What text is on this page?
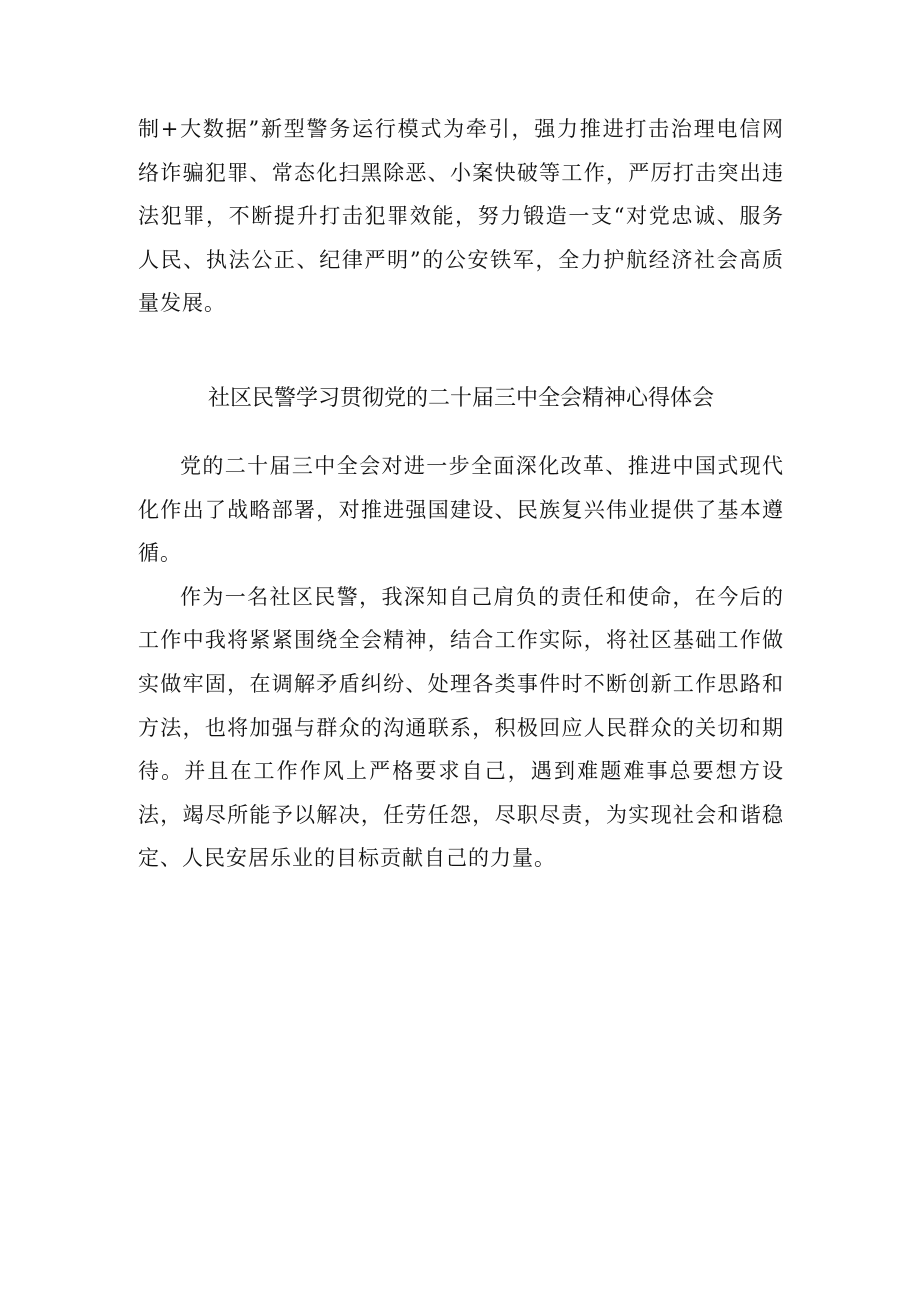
制+大数据”新型警务运行模式为牵引，强力推进打击治理电信网络诈骗犯罪、常态化扫黑除恶、小案快破等工作，严厉打击突出违法犯罪，不断提升打击犯罪效能，努力锻造一支“对党忠诚、服务人民、执法公正、纪律严明”的公安铁军，全力护航经济社会高质量发展。

社区民警学习贯彻党的二十届三中全会精神心得体会

党的二十届三中全会对进一步全面深化改革、推进中国式现代化作出了战略部署，对推进强国建设、民族复兴伟业提供了基本遵循。

作为一名社区民警，我深知自己肩负的责任和使命，在今后的工作中我将紧紧围绕全会精神，结合工作实际，将社区基础工作做实做牢固，在调解矛盾纠纷、处理各类事件时不断创新工作思路和方法，也将加强与群众的沟通联系，积极回应人民群众的关切和期待。并且在工作作风上严格要求自己，遇到难题难事总要想方设法，竭尽所能予以解决，任劳任怨，尽职尽责，为实现社会和谐稳定、人民安居乐业的目标贡献自己的力量。
